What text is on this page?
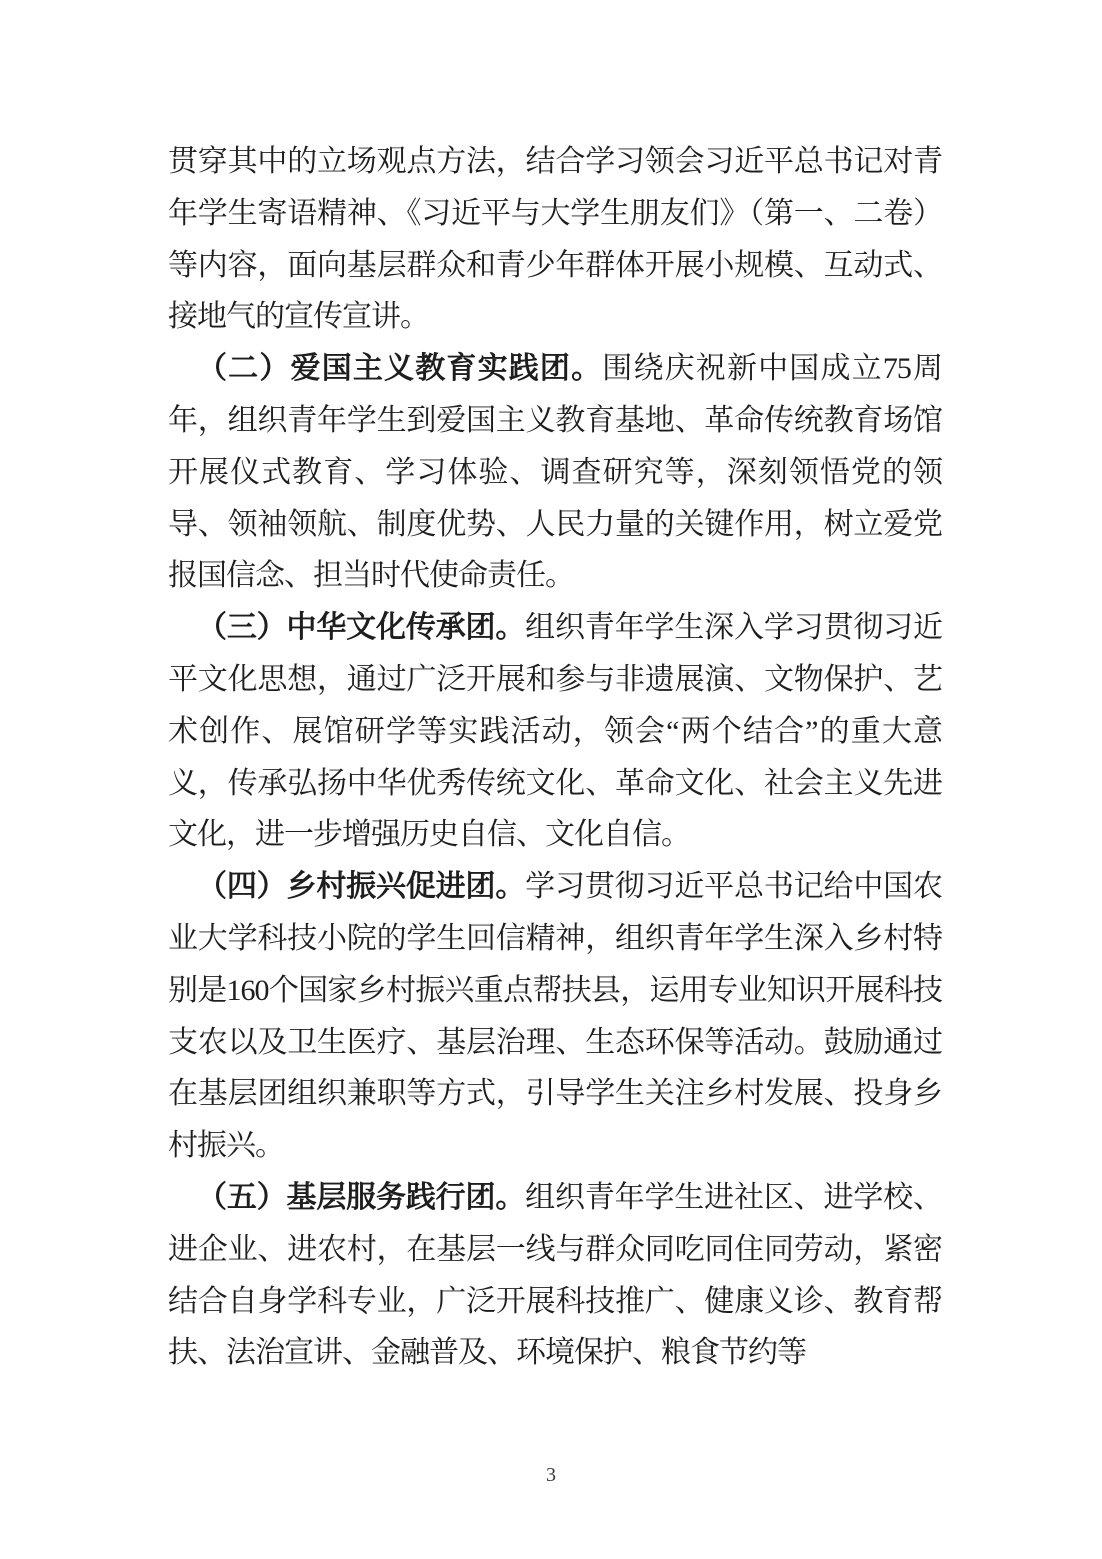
贯穿其中的立场观点方法，结合学习领会习近平总书记对青年学生寄语精神、《习近平与大学生朋友们》（第一、二卷）等内容，面向基层群众和青少年群体开展小规模、互动式、接地气的宣传宣讲。

（二）爱国主义教育实践团。围绕庆祝新中国成立75周年，组织青年学生到爱国主义教育基地、革命传统教育场馆开展仪式教育、学习体验、调查研究等，深刻领悟党的领导、领袖领航、制度优势、人民力量的关键作用，树立爱党报国信念、担当时代使命责任。

（三）中华文化传承团。组织青年学生深入学习贯彻习近平文化思想，通过广泛开展和参与非遗展演、文物保护、艺术创作、展馆研学等实践活动，领会“两个结合”的重大意义，传承弘扬中华优秀传统文化、革命文化、社会主义先进文化，进一步增强历史自信、文化自信。

（四）乡村振兴促进团。学习贯彻习近平总书记给中国农业大学科技小院的学生回信精神，组织青年学生深入乡村特别是160个国家乡村振兴重点帮扶县，运用专业知识开展科技支农以及卫生医疗、基层治理、生态环保等活动。鼓励通过在基层团组织兼职等方式，引导学生关注乡村发展、投身乡村振兴。

（五）基层服务践行团。组织青年学生进社区、进学校、进企业、进农村，在基层一线与群众同吃同住同劳动，紧密结合自身学科专业，广泛开展科技推广、健康义诊、教育帮扶、法治宣讲、金融普及、环境保护、粮食节约等

3
